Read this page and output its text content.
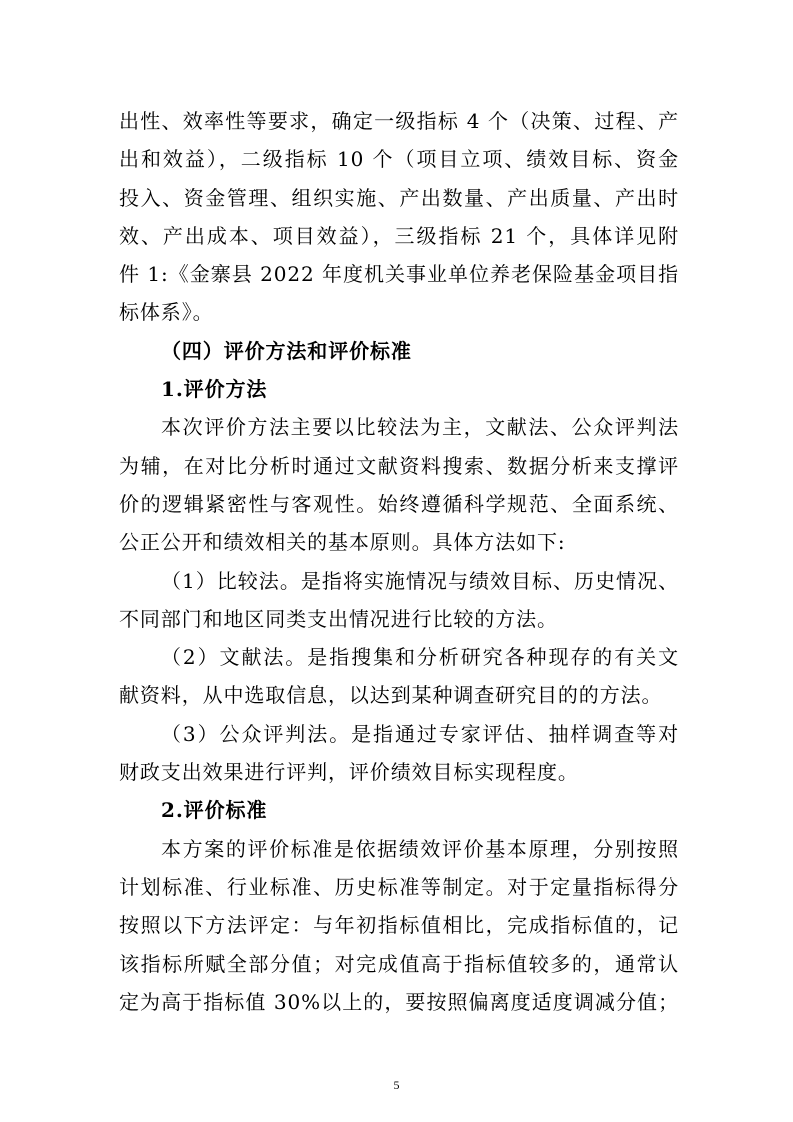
出性、效率性等要求，确定一级指标 4 个（决策、过程、产
出和效益），二级指标 10 个（项目立项、绩效目标、资金
投入、资金管理、组织实施、产出数量、产出质量、产出时
效、产出成本、项目效益），三级指标 21 个，具体详见附
件 1:《金寨县 2022 年度机关事业单位养老保险基金项目指
标体系》。
（四）评价方法和评价标准
1.评价方法
本次评价方法主要以比较法为主，文献法、公众评判法
为辅，在对比分析时通过文献资料搜索、数据分析来支撑评
价的逻辑紧密性与客观性。始终遵循科学规范、全面系统、
公正公开和绩效相关的基本原则。具体方法如下:
（1）比较法。是指将实施情况与绩效目标、历史情况、
不同部门和地区同类支出情况进行比较的方法。
（2）文献法。是指搜集和分析研究各种现存的有关文
献资料，从中选取信息，以达到某种调查研究目的的方法。
（3）公众评判法。是指通过专家评估、抽样调查等对
财政支出效果进行评判，评价绩效目标实现程度。
2.评价标准
本方案的评价标准是依据绩效评价基本原理，分别按照
计划标准、行业标准、历史标准等制定。对于定量指标得分
按照以下方法评定：与年初指标值相比，完成指标值的，记
该指标所赋全部分值；对完成值高于指标值较多的，通常认
定为高于指标值 30%以上的，要按照偏离度适度调减分值；
5
